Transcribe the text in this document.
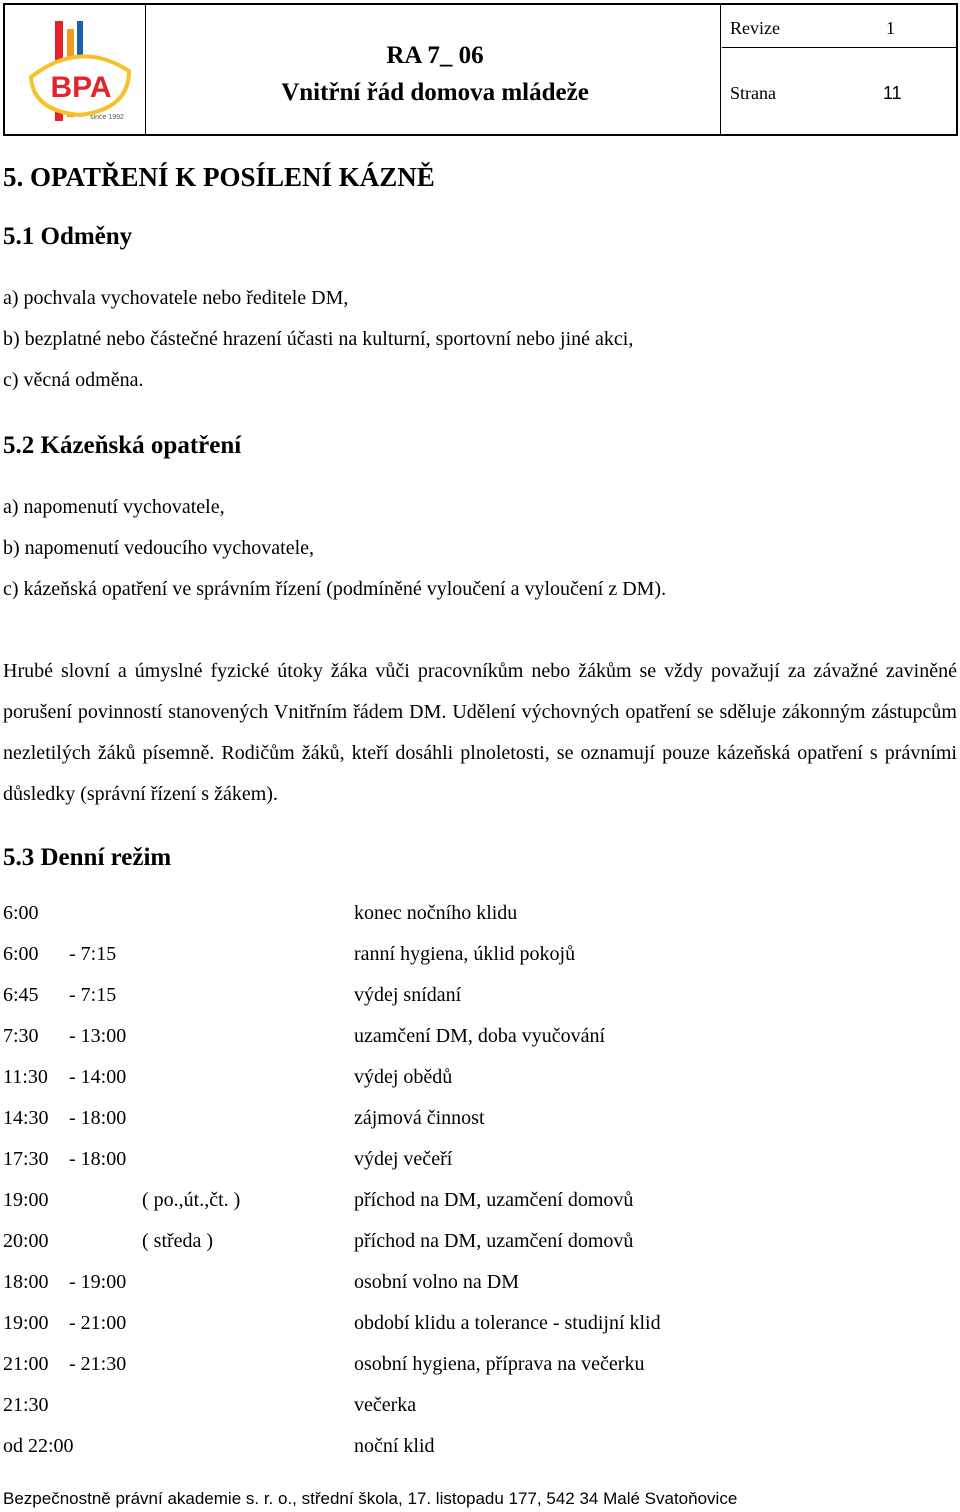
BPA
since 1992
RA 7_ 06
Vnitřní řád domova mládeže
Revize	1
Strana	11
5. OPATŘENÍ K POSÍLENÍ KÁZNĚ
5.1 Odměny
a) pochvala vychovatele nebo ředitele DM,
b) bezplatné nebo částečné hrazení účasti na kulturní, sportovní nebo jiné akci,
c) věcná odměna.
5.2 Kázeňská opatření
a) napomenutí vychovatele,
b) napomenutí vedoucího vychovatele,
c) kázeňská opatření ve správním řízení (podmíněné vyloučení a vyloučení z DM).

Hrubé slovní a úmyslné fyzické útoky žáka vůči pracovníkům nebo žákům se vždy považují za závažné zaviněné porušení povinností stanovených Vnitřním řádem DM. Udělení výchovných opatření se sděluje zákonným zástupcům nezletilých žáků písemně. Rodičům žáků, kteří dosáhli plnoletosti, se oznamují pouze kázeňská opatření s právními důsledky (správní řízení s žákem).

5.3 Denní režim
6:00	konec nočního klidu
6:00 - 7:15	ranní hygiena, úklid pokojů
6:45 - 7:15	výdej snídaní
7:30 - 13:00	uzamčení DM, doba vyučování
11:30 - 14:00	výdej obědů
14:30 - 18:00	zájmová činnost
17:30 - 18:00	výdej večeří
19:00	( po.,út.,čt. )	příchod na DM, uzamčení domovů
20:00	( středa )	příchod na DM, uzamčení domovů
18:00 - 19:00	osobní volno na DM
19:00 - 21:00	období klidu a tolerance - studijní klid
21:00 - 21:30	osobní hygiena, příprava na večerku
21:30	večerka
od 22:00	noční klid
Bezpečnostně právní akademie s. r. o., střední škola, 17. listopadu 177, 542 34 Malé Svatoňovice
